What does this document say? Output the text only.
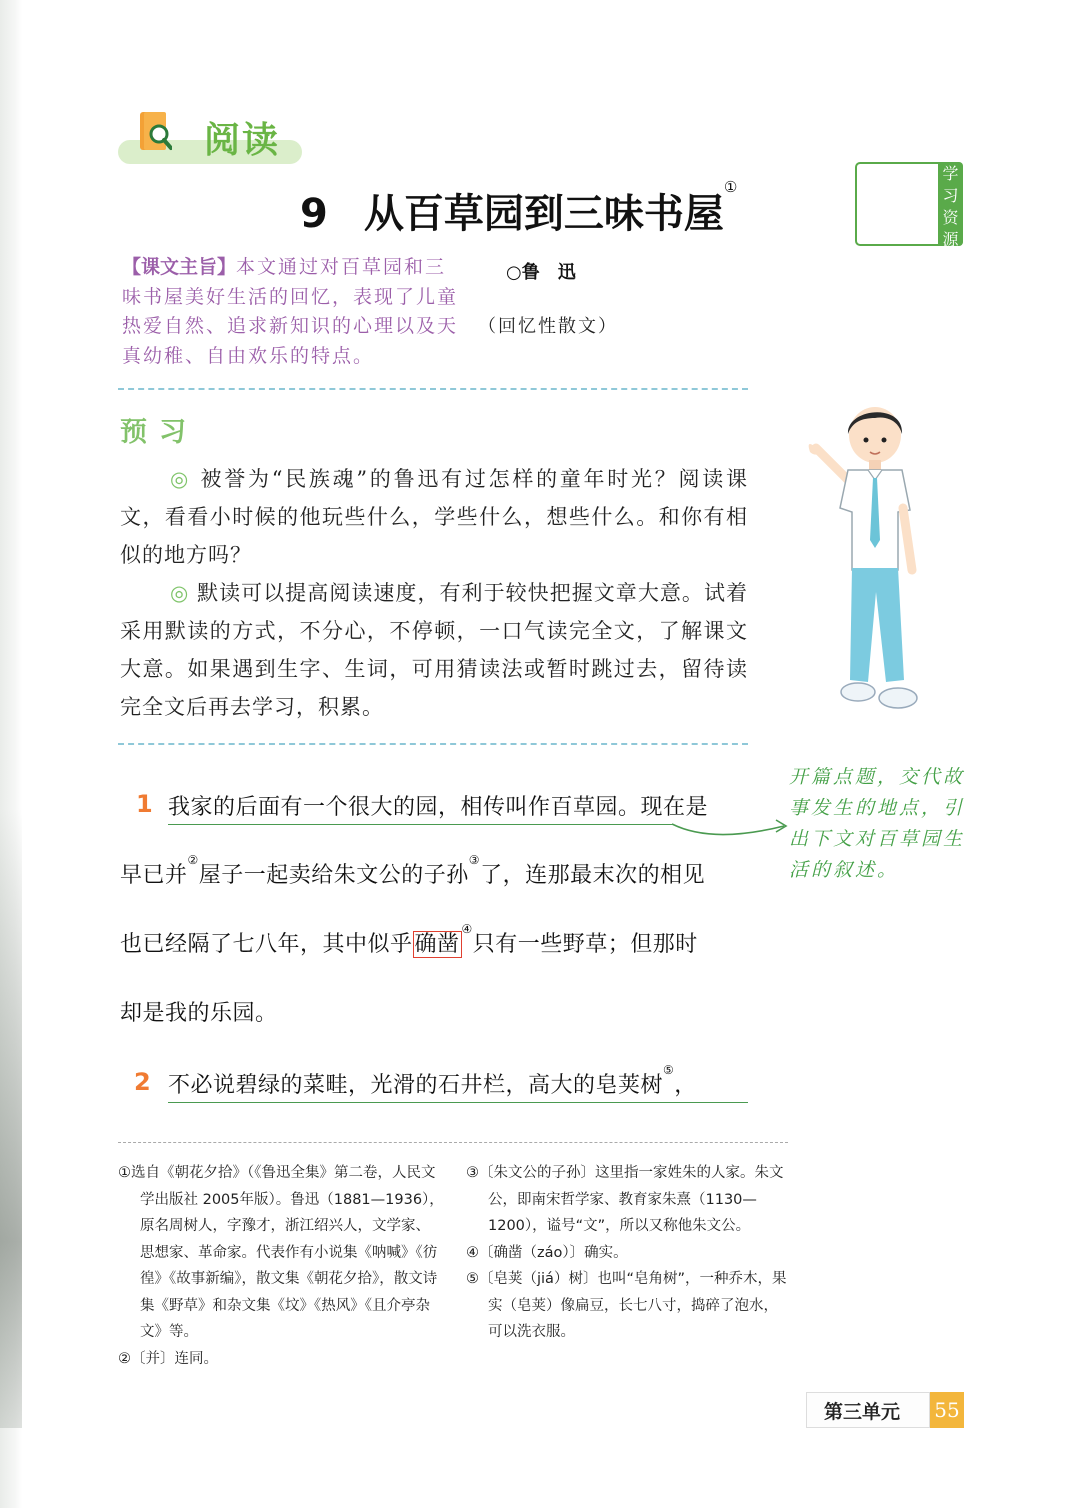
阅读
9 从百草园到三味书屋①
学
习
资
源
【课文主旨】本文通过对百草园和三味书屋美好生活的回忆，表现了儿童热爱自然、追求新知识的心理以及天真幼稚、自由欢乐的特点。
○鲁　迅
（回忆性散文）
预习

◎ 被誉为“民族魂”的鲁迅有过怎样的童年时光？阅读课文，看看小时候的他玩些什么，学些什么，想些什么。和你有相似的地方吗？

◎ 默读可以提高阅读速度，有利于较快把握文章大意。试着采用默读的方式，不分心，不停顿，一口气读完全文，了解课文大意。如果遇到生字、生词，可用猜读法或暂时跳过去，留待读完全文后再去学习，积累。

1 我家的后面有一个很大的园，相传叫作百草园。现在是
早已并②屋子一起卖给朱文公的子孙③了，连那最末次的相见
也已经隔了七八年，其中似乎确凿④只有一些野草；但那时
却是我的乐园。
2 不必说碧绿的菜畦，光滑的石井栏，高大的皂荚树⑤，
开篇点题，交代故事发生的地点，引出下文对百草园生活的叙述。
①选自《朝花夕拾》（《鲁迅全集》第二卷，人民文学出版社 2005年版）。鲁迅（1881—1936），原名周树人，字豫才，浙江绍兴人，文学家、思想家、革命家。代表作有小说集《呐喊》《彷徨》《故事新编》，散文集《朝花夕拾》，散文诗集《野草》和杂文集《坟》《热风》《且介亭杂文》等。
②〔并〕连同。
③〔朱文公的子孙〕这里指一家姓朱的人家。朱文公，即南宋哲学家、教育家朱熹（1130—1200），谥号“文”，所以又称他朱文公。
④〔确凿（záo）〕确实。
⑤〔皂荚（jiá）树〕也叫“皂角树”，一种乔木，果实（皂荚）像扁豆，长七八寸，捣碎了泡水，可以洗衣服。
第三单元 55
